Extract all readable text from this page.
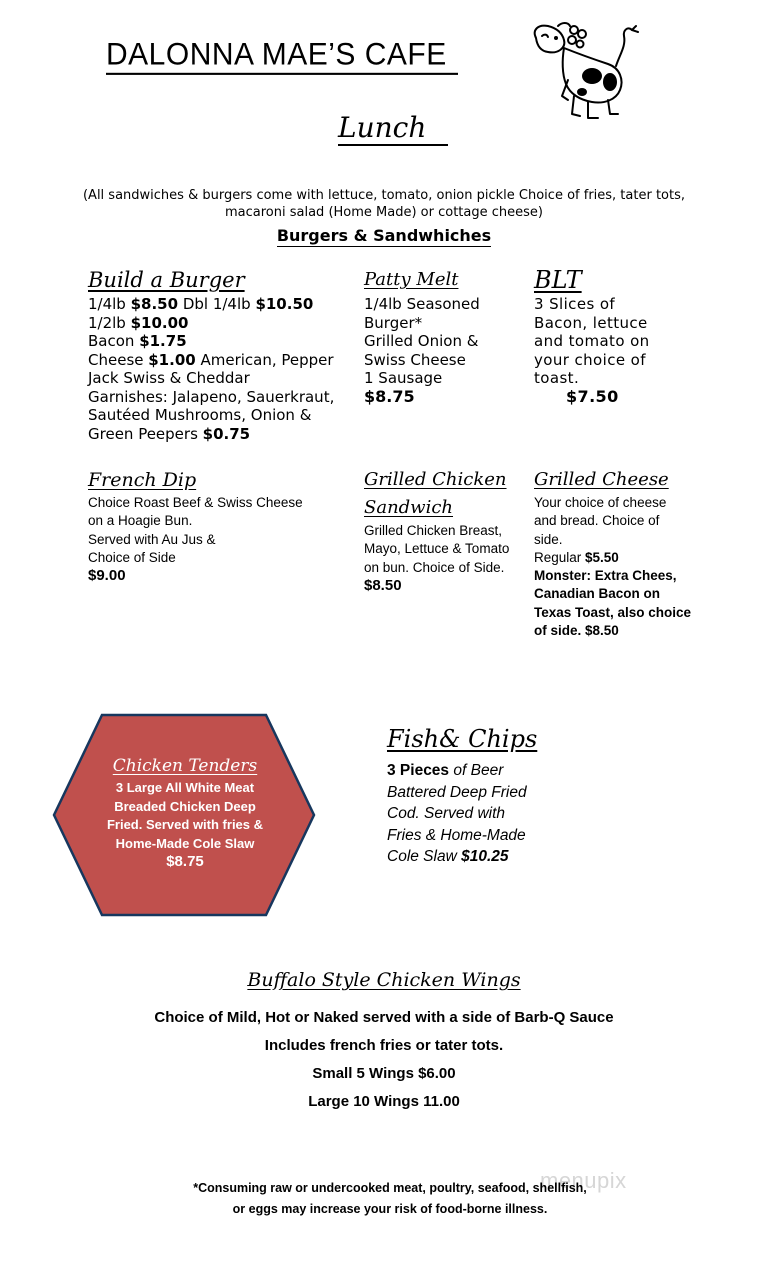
DALONNA MAE’S CAFE
Lunch
(All sandwiches & burgers come with lettuce, tomato, onion pickle Choice of fries, tater tots,
macaroni salad (Home Made) or cottage cheese)
Burgers & Sandwhiches
Build a Burger
1/4lb $8.50 Dbl 1/4lb $10.50
1/2lb $10.00
Bacon $1.75
Cheese $1.00 American, Pepper
Jack Swiss & Cheddar
Garnishes: Jalapeno, Sauerkraut,
Sautéed Mushrooms, Onion &
Green Peepers $0.75
Patty Melt
1/4lb Seasoned
Burger*
Grilled Onion &
Swiss Cheese
1 Sausage
$8.75
BLT
3 Slices of
Bacon, lettuce
and tomato on
your choice of
toast.
$7.50
French Dip
Choice Roast Beef & Swiss Cheese
on a Hoagie Bun.
Served with Au Jus &
Choice of Side
$9.00
Grilled Chicken
Sandwich
Grilled Chicken Breast,
Mayo, Lettuce & Tomato
on bun. Choice of Side.
$8.50
Grilled Cheese
Your choice of cheese
and bread. Choice of
side.
Regular $5.50
Monster: Extra Chees,
Canadian Bacon on
Texas Toast, also choice
of side. $8.50
Chicken Tenders
3 Large All White Meat
Breaded Chicken Deep
Fried. Served with fries &
Home-Made Cole Slaw
$8.75
Fish& Chips
3 Pieces of Beer
Battered Deep Fried
Cod. Served with
Fries & Home-Made
Cole Slaw $10.25
Buffalo Style Chicken Wings
Choice of Mild, Hot or Naked served with a side of Barb-Q Sauce
Includes french fries or tater tots.
Small 5 Wings $6.00
Large 10 Wings 11.00
menupix
*Consuming raw or undercooked meat, poultry, seafood, shellfish,
or eggs may increase your risk of food-borne illness.
